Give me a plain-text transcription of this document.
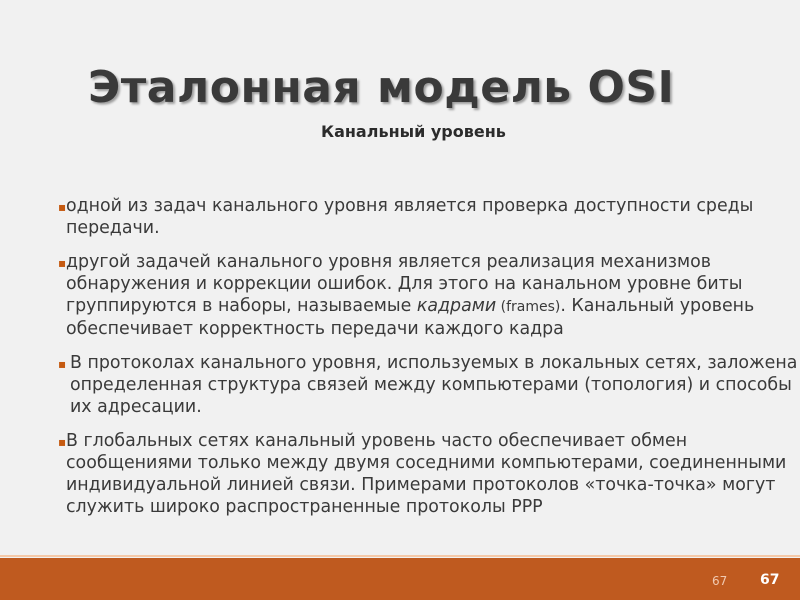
Эталонная модель OSI
Канальный уровень
▪ одной из задач канального уровня является проверка доступности среды передачи.
▪ другой задачей канального уровня является реализация механизмов обнаружения и коррекции ошибок. Для этого на канальном уровне биты группируются в наборы, называемые кадрами (frames). Канальный уровень обеспечивает корректность передачи каждого кадра
▪ В протоколах канального уровня, используемых в локальных сетях, заложена определенная структура связей между компьютерами (топология) и способы их адресации.
▪ В глобальных сетях канальный уровень часто обеспечивает обмен сообщениями только между двумя соседними компьютерами, соединенными индивидуальной линией связи. Примерами протоколов «точка-точка» могут служить широко распространенные протоколы PPP
67 67
